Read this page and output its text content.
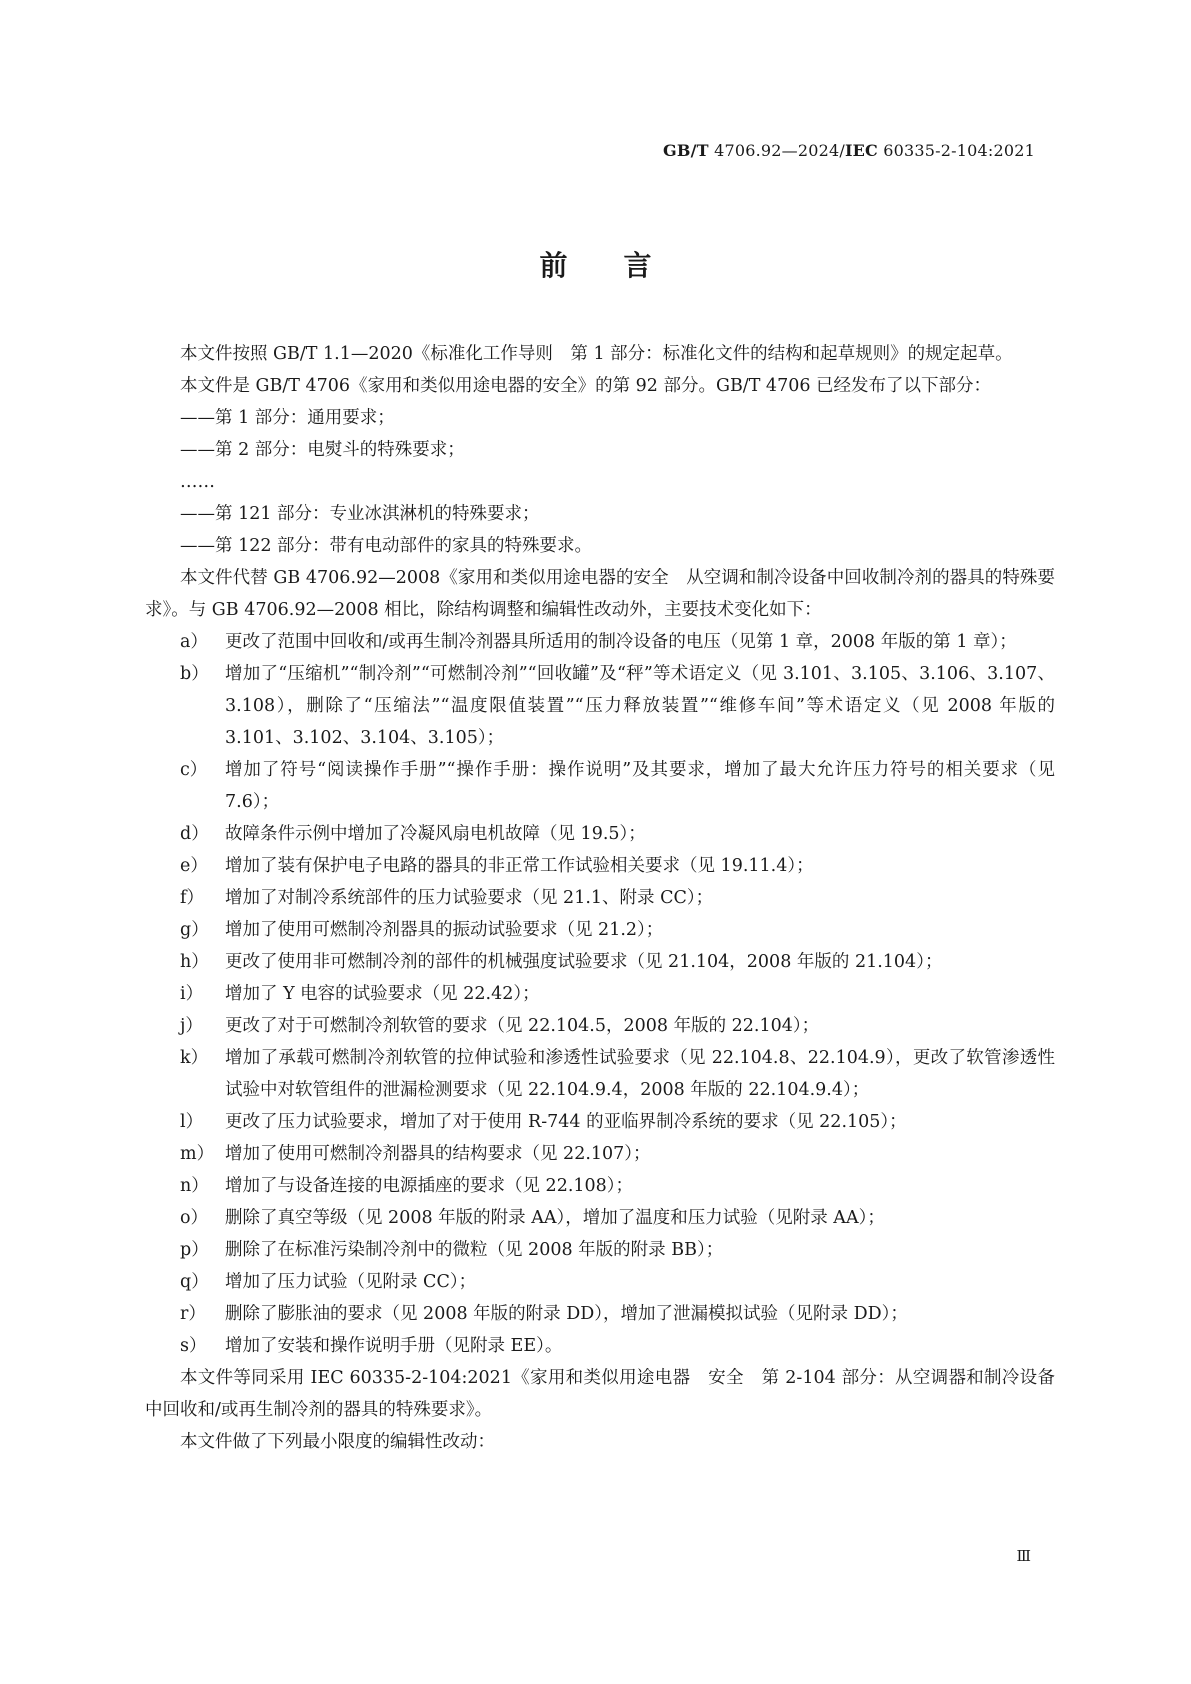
GB/T 4706.92—2024/IEC 60335-2-104:2021
前言

本文件按照 GB/T 1.1—2020《标准化工作导则　第 1 部分：标准化文件的结构和起草规则》的规定起草。

本文件是 GB/T 4706《家用和类似用途电器的安全》的第 92 部分。GB/T 4706 已经发布了以下部分：

——第 1 部分：通用要求；

——第 2 部分：电熨斗的特殊要求；

……

——第 121 部分：专业冰淇淋机的特殊要求；

——第 122 部分：带有电动部件的家具的特殊要求。

本文件代替 GB 4706.92—2008《家用和类似用途电器的安全　从空调和制冷设备中回收制冷剂的器具的特殊要求》。与 GB 4706.92—2008 相比，除结构调整和编辑性改动外，主要技术变化如下：

a） 更改了范围中回收和/或再生制冷剂器具所适用的制冷设备的电压（见第 1 章，2008 年版的第 1 章）；
b） 增加了“压缩机”“制冷剂”“可燃制冷剂”“回收罐”及“秤”等术语定义（见 3.101、3.105、3.106、3.107、3.108），删除了“压缩法”“温度限值装置”“压力释放装置”“维修车间”等术语定义（见 2008 年版的 3.101、3.102、3.104、3.105）；
c）	增加了符号“阅读操作手册”“操作手册：操作说明”及其要求，增加了最大允许压力符号的相关要求（见 7.6）；
d） 故障条件示例中增加了冷凝风扇电机故障（见 19.5）；
e） 增加了装有保护电子电路的器具的非正常工作试验相关要求（见 19.11.4）；
f）	增加了对制冷系统部件的压力试验要求（见 21.1、附录 CC）；
g） 增加了使用可燃制冷剂器具的振动试验要求（见 21.2）；
h） 更改了使用非可燃制冷剂的部件的机械强度试验要求（见 21.104，2008 年版的 21.104）；
i）	增加了 Y 电容的试验要求（见 22.42）；
j）	更改了对于可燃制冷剂软管的要求（见 22.104.5，2008 年版的 22.104）；
k） 增加了承载可燃制冷剂软管的拉伸试验和渗透性试验要求（见 22.104.8、22.104.9），更改了软管渗透性试验中对软管组件的泄漏检测要求（见 22.104.9.4，2008 年版的 22.104.9.4）；
l）	更改了压力试验要求，增加了对于使用 R-744 的亚临界制冷系统的要求（见 22.105）；
m） 增加了使用可燃制冷剂器具的结构要求（见 22.107）；
n） 增加了与设备连接的电源插座的要求（见 22.108）；
o） 删除了真空等级（见 2008 年版的附录 AA），增加了温度和压力试验（见附录 AA）；
p） 删除了在标准污染制冷剂中的微粒（见 2008 年版的附录 BB）；
q） 增加了压力试验（见附录 CC）；
r）	删除了膨胀油的要求（见 2008 年版的附录 DD），增加了泄漏模拟试验（见附录 DD）；
s）	增加了安装和操作说明手册（见附录 EE）。

本文件等同采用 IEC 60335-2-104:2021《家用和类似用途电器　安全　第 2-104 部分：从空调器和制冷设备中回收和/或再生制冷剂的器具的特殊要求》。

本文件做了下列最小限度的编辑性改动：

Ⅲ
